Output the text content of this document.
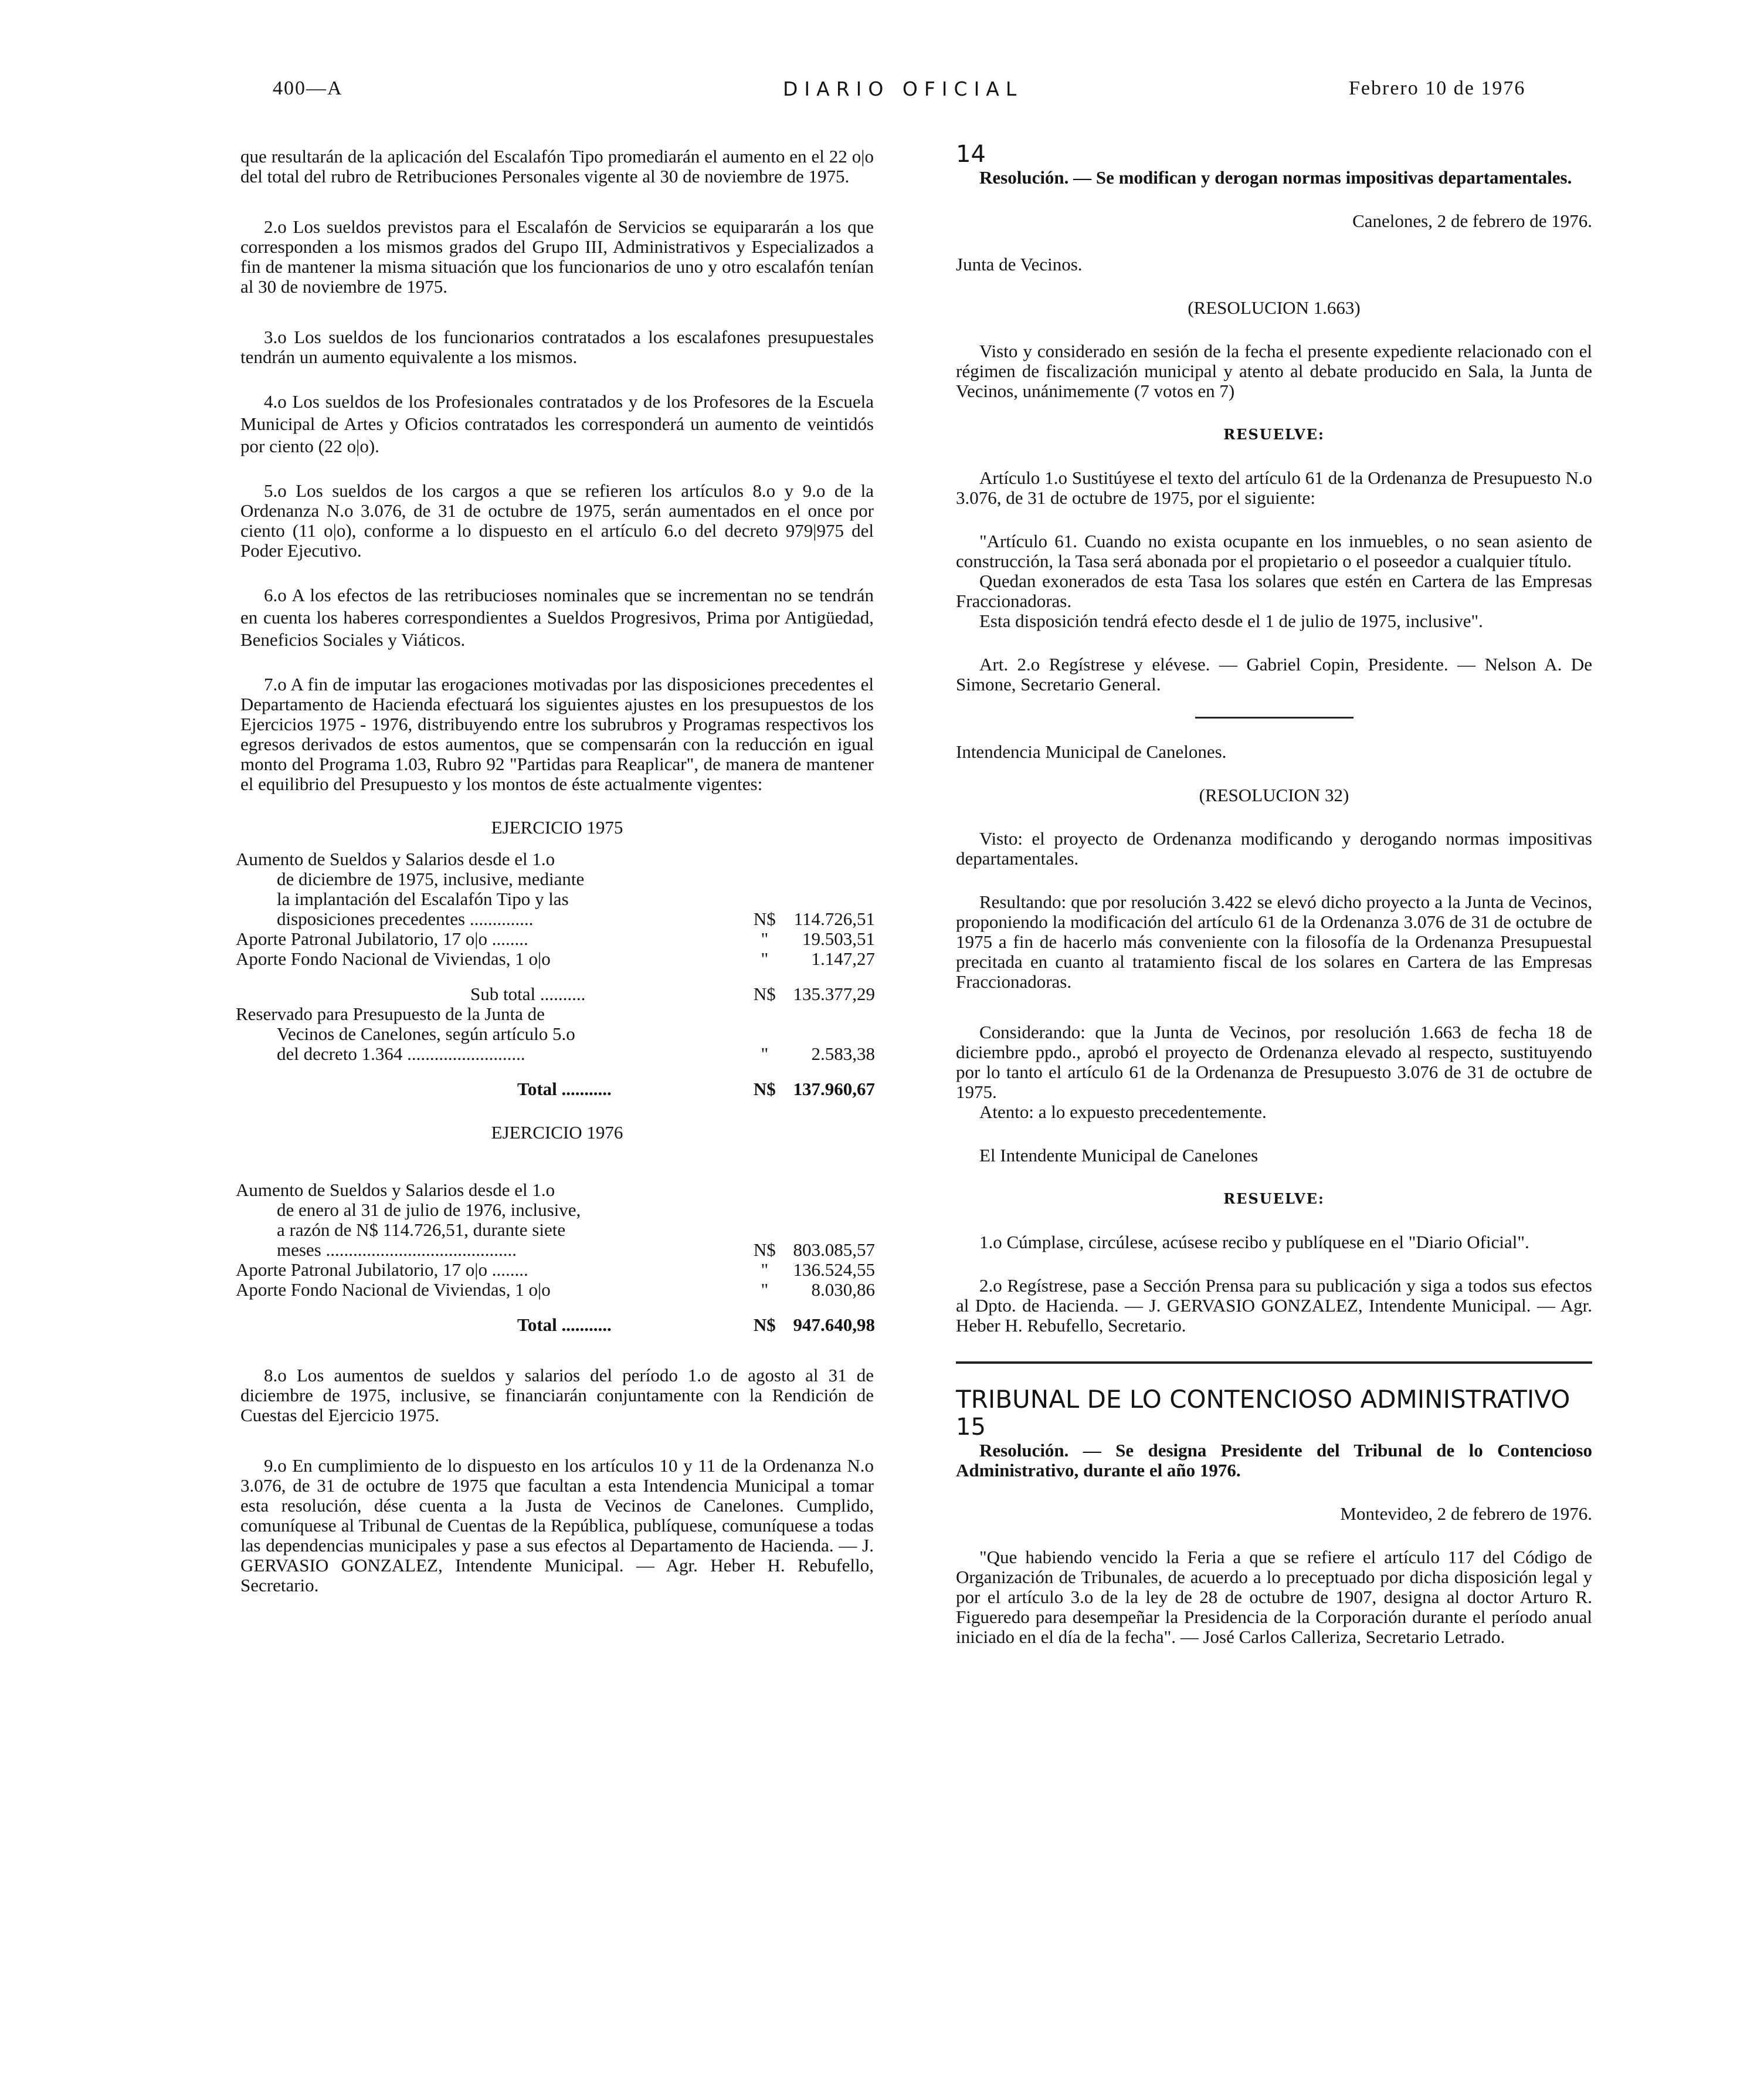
400—A	DIARIO OFICIAL	Febrero 10 de 1976

que resultarán de la aplicación del Escalafón Tipo promediarán el aumento en el 22 o|o del total del rubro de Retribuciones Personales vigente al 30 de noviembre de 1975.

2.o Los sueldos previstos para el Escalafón de Servicios se equipararán a los que corresponden a los mismos grados del Grupo III, Administrativos y Especializados a fin de mantener la misma situación que los funcionarios de uno y otro escalafón tenían al 30 de noviembre de 1975.

3.o Los sueldos de los funcionarios contratados a los escalafones presupuestales tendrán un aumento equivalente a los mismos.

4.o Los sueldos de los Profesionales contratados y de los Profesores de la Escuela Municipal de Artes y Oficios contratados les corresponderá un aumento de veintidós por ciento (22 o|o).

5.o Los sueldos de los cargos a que se refieren los artículos 8.o y 9.o de la Ordenanza N.o 3.076, de 31 de octubre de 1975, serán aumentados en el once por ciento (11 o|o), conforme a lo dispuesto en el artículo 6.o del decreto 979|975 del Poder Ejecutivo.

6.o A los efectos de las retribucioses nominales que se incrementan no se tendrán en cuenta los haberes correspondientes a Sueldos Progresivos, Prima por Antigüedad, Beneficios Sociales y Viáticos.

7.o A fin de imputar las erogaciones motivadas por las disposiciones precedentes el Departamento de Hacienda efectuará los siguientes ajustes en los presupuestos de los Ejercicios 1975 - 1976, distribuyendo entre los subrubros y Programas respectivos los egresos derivados de estos aumentos, que se compensarán con la reducción en igual monto del Programa 1.03, Rubro 92 "Partidas para Reaplicar", de manera de mantener el equilibrio del Presupuesto y los montos de éste actualmente vigentes:

EJERCICIO 1975

Aumento de Sueldos y Salarios desde el 1.o		
de diciembre de 1975, inclusive, mediante		
la implantación del Escalafón Tipo y las		
disposiciones precedentes ..............	N$	114.726,51
Aporte Patronal Jubilatorio, 17 o|o ........	"	19.503,51
Aporte Fondo Nacional de Viviendas, 1 o|o	"	1.147,27
Sub total ..........	N$	135.377,29
Reservado para Presupuesto de la Junta de		
Vecinos de Canelones, según artículo 5.o		
del decreto 1.364 ..........................	"	2.583,38
Total ...........	N$	137.960,67

EJERCICIO 1976

Aumento de Sueldos y Salarios desde el 1.o		
de enero al 31 de julio de 1976, inclusive,		
a razón de N$ 114.726,51, durante siete		
meses ..........................................	N$	803.085,57
Aporte Patronal Jubilatorio, 17 o|o ........	"	136.524,55
Aporte Fondo Nacional de Viviendas, 1 o|o	"	8.030,86
Total ...........	N$	947.640,98

8.o Los aumentos de sueldos y salarios del período 1.o de agosto al 31 de diciembre de 1975, inclusive, se financiarán conjuntamente con la Rendición de Cuestas del Ejercicio 1975.

9.o En cumplimiento de lo dispuesto en los artículos 10 y 11 de la Ordenanza N.o 3.076, de 31 de octubre de 1975 que facultan a esta Intendencia Municipal a tomar esta resolución, dése cuenta a la Justa de Vecinos de Canelones. Cumplido, comuníquese al Tribunal de Cuentas de la República, publíquese, comuníquese a todas las dependencias municipales y pase a sus efectos al Departamento de Hacienda. — J. GERVASIO GONZALEZ, Intendente Municipal. — Agr. Heber H. Rebufello, Secretario.

14

Resolución. — Se modifican y derogan normas impositivas departamentales.

Canelones, 2 de febrero de 1976.

Junta de Vecinos.

(RESOLUCION 1.663)

Visto y considerado en sesión de la fecha el presente expediente relacionado con el régimen de fiscalización municipal y atento al debate producido en Sala, la Junta de Vecinos, unánimemente (7 votos en 7)

RESUELVE:

Artículo 1.o Sustitúyese el texto del artículo 61 de la Ordenanza de Presupuesto N.o 3.076, de 31 de octubre de 1975, por el siguiente:

"Artículo 61. Cuando no exista ocupante en los inmuebles, o no sean asiento de construcción, la Tasa será abonada por el propietario o el poseedor a cualquier título.

Quedan exonerados de esta Tasa los solares que estén en Cartera de las Empresas Fraccionadoras.

Esta disposición tendrá efecto desde el 1 de julio de 1975, inclusive".

Art. 2.o Regístrese y elévese. — Gabriel Copin, Presidente. — Nelson A. De Simone, Secretario General.

Intendencia Municipal de Canelones.

(RESOLUCION 32)

Visto: el proyecto de Ordenanza modificando y derogando normas impositivas departamentales.

Resultando: que por resolución 3.422 se elevó dicho proyecto a la Junta de Vecinos, proponiendo la modificación del artículo 61 de la Ordenanza 3.076 de 31 de octubre de 1975 a fin de hacerlo más conveniente con la filosofía de la Ordenanza Presupuestal precitada en cuanto al tratamiento fiscal de los solares en Cartera de las Empresas Fraccionadoras.

Considerando: que la Junta de Vecinos, por resolución 1.663 de fecha 18 de diciembre ppdo., aprobó el proyecto de Ordenanza elevado al respecto, sustituyendo por lo tanto el artículo 61 de la Ordenanza de Presupuesto 3.076 de 31 de octubre de 1975.

Atento: a lo expuesto precedentemente.

El Intendente Municipal de Canelones

RESUELVE:

1.o Cúmplase, circúlese, acúsese recibo y publíquese en el "Diario Oficial".

2.o Regístrese, pase a Sección Prensa para su publicación y siga a todos sus efectos al Dpto. de Hacienda. — J. GERVASIO GONZALEZ, Intendente Municipal. — Agr. Heber H. Rebufello, Secretario.

TRIBUNAL DE LO CONTENCIOSO ADMINISTRATIVO
15

Resolución. — Se designa Presidente del Tribunal de lo Contencioso Administrativo, durante el año 1976.

Montevideo, 2 de febrero de 1976.

"Que habiendo vencido la Feria a que se refiere el artículo 117 del Código de Organización de Tribunales, de acuerdo a lo preceptuado por dicha disposición legal y por el artículo 3.o de la ley de 28 de octubre de 1907, designa al doctor Arturo R. Figueredo para desempeñar la Presidencia de la Corporación durante el período anual iniciado en el día de la fecha". — José Carlos Calleriza, Secretario Letrado.
